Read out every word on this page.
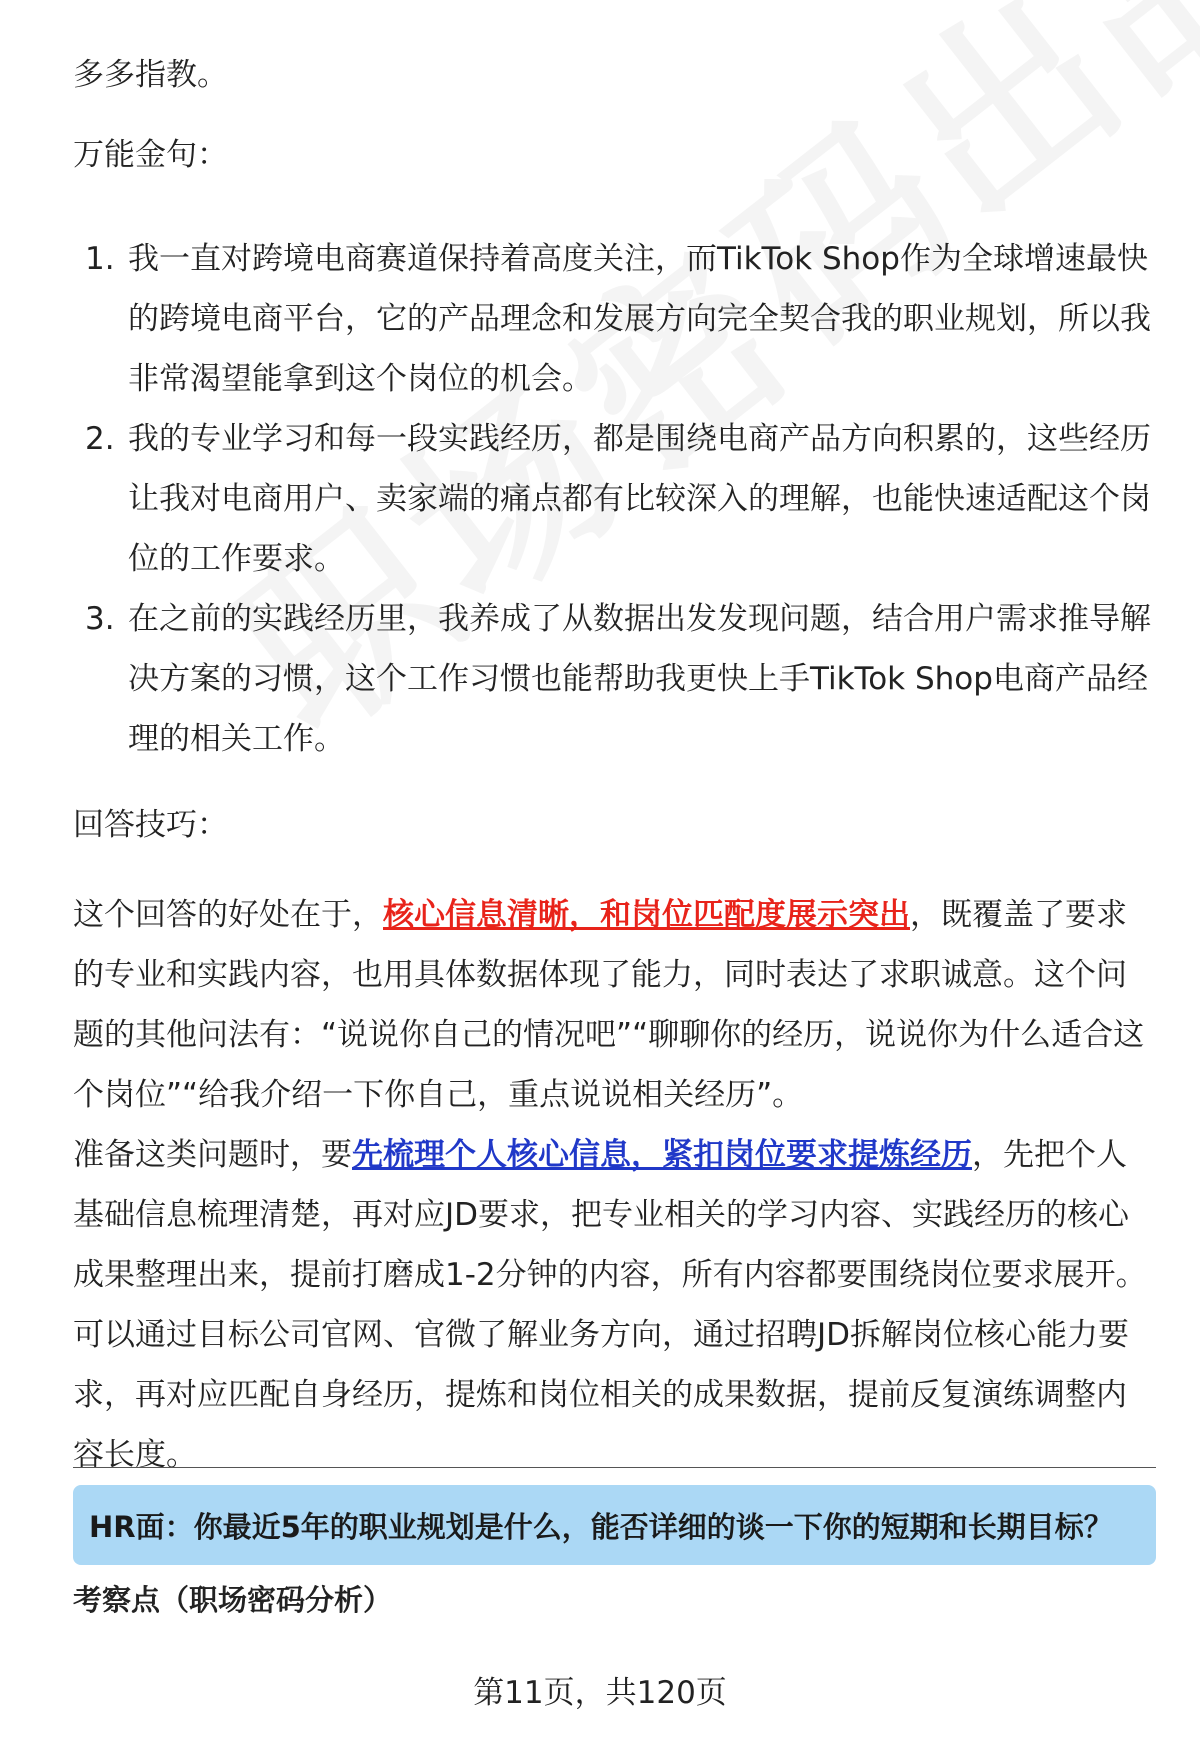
多多指教。

万能金句：

1. 我一直对跨境电商赛道保持着高度关注，而TikTok Shop作为全球增速最快的跨境电商平台，它的产品理念和发展方向完全契合我的职业规划，所以我非常渴望能拿到这个岗位的机会。
2. 我的专业学习和每一段实践经历，都是围绕电商产品方向积累的，这些经历让我对电商用户、卖家端的痛点都有比较深入的理解，也能快速适配这个岗位的工作要求。
3. 在之前的实践经历里，我养成了从数据出发发现问题，结合用户需求推导解决方案的习惯，这个工作习惯也能帮助我更快上手TikTok Shop电商产品经理的相关工作。

回答技巧：

这个回答的好处在于，核心信息清晰，和岗位匹配度展示突出，既覆盖了要求的专业和实践内容，也用具体数据体现了能力，同时表达了求职诚意。这个问题的其他问法有：“说说你自己的情况吧”“聊聊你的经历，说说你为什么适合这个岗位”“给我介绍一下你自己，重点说说相关经历”。

准备这类问题时，要先梳理个人核心信息，紧扣岗位要求提炼经历，先把个人基础信息梳理清楚，再对应JD要求，把专业相关的学习内容、实践经历的核心成果整理出来，提前打磨成1-2分钟的内容，所有内容都要围绕岗位要求展开。可以通过目标公司官网、官微了解业务方向，通过招聘JD拆解岗位核心能力要求，再对应匹配自身经历，提炼和岗位相关的成果数据，提前反复演练调整内容长度。

HR面：你最近5年的职业规划是什么，能否详细的谈一下你的短期和长期目标？

考察点（职场密码分析）

第11页，共120页
